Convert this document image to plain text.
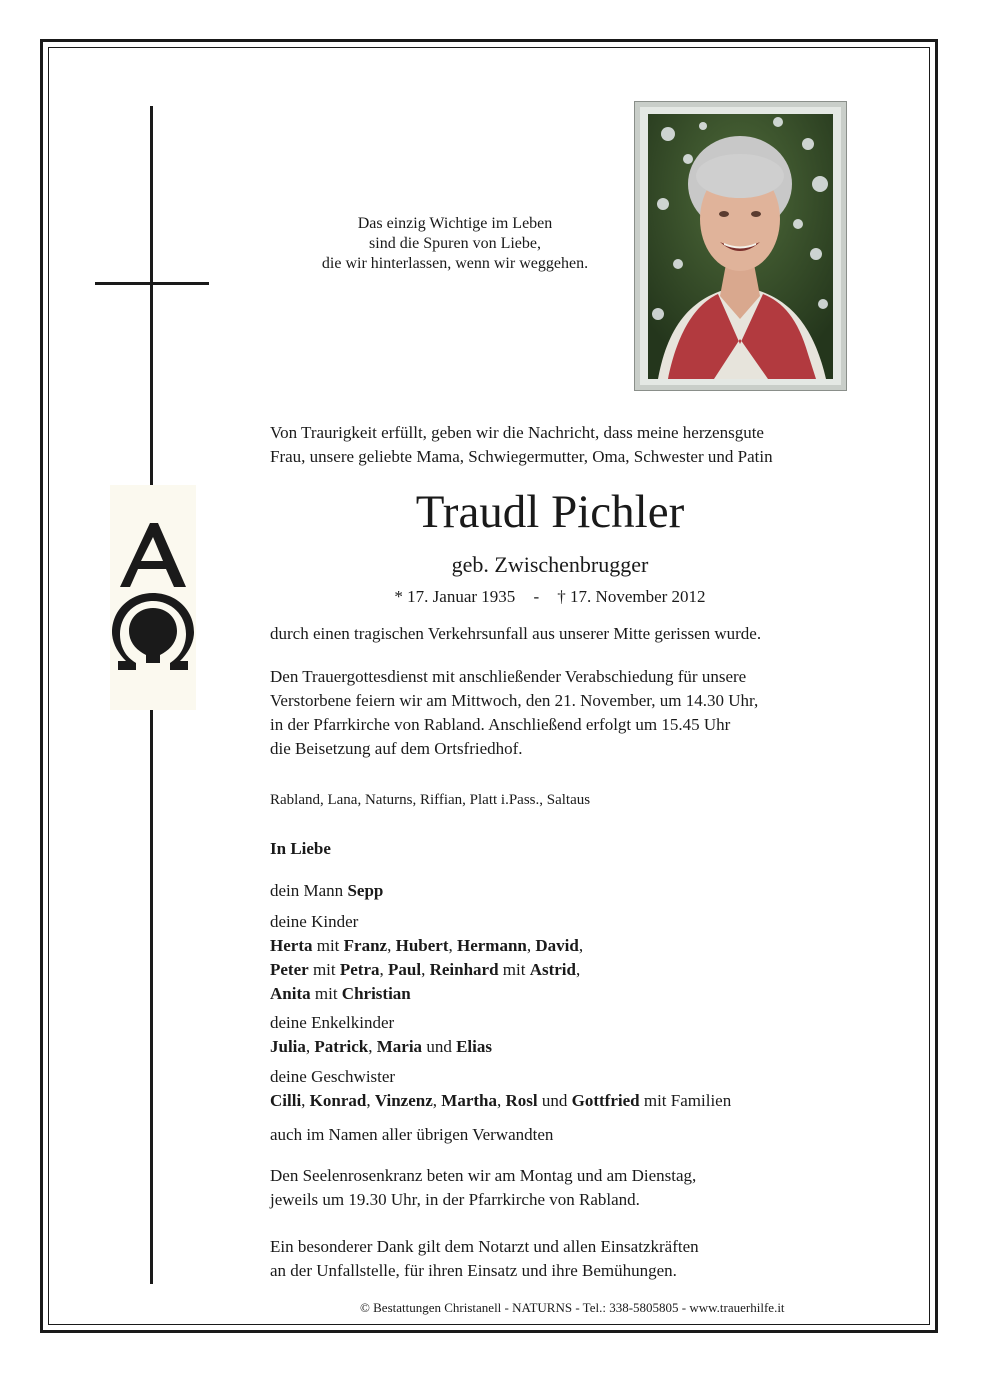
Das einzig Wichtige im Leben
sind die Spuren von Liebe,
die wir hinterlassen, wenn wir weggehen.
Von Traurigkeit erfüllt, geben wir die Nachricht, dass meine herzensgute
Frau, unsere geliebte Mama, Schwiegermutter, Oma, Schwester und Patin
Traudl Pichler
geb. Zwischenbrugger
* 17. Januar 1935 - † 17. November 2012
durch einen tragischen Verkehrsunfall aus unserer Mitte gerissen wurde.
Den Trauergottesdienst mit anschließender Verabschiedung für unsere
Verstorbene feiern wir am Mittwoch, den 21. November, um 14.30 Uhr,
in der Pfarrkirche von Rabland. Anschließend erfolgt um 15.45 Uhr
die Beisetzung auf dem Ortsfriedhof.
Rabland, Lana, Naturns, Riffian, Platt i.Pass., Saltaus
In Liebe
dein Mann Sepp
deine Kinder
Herta mit Franz, Hubert, Hermann, David,
Peter mit Petra, Paul, Reinhard mit Astrid,
Anita mit Christian
deine Enkelkinder
Julia, Patrick, Maria und Elias
deine Geschwister
Cilli, Konrad, Vinzenz, Martha, Rosl und Gottfried mit Familien
auch im Namen aller übrigen Verwandten
Den Seelenrosenkranz beten wir am Montag und am Dienstag,
jeweils um 19.30 Uhr, in der Pfarrkirche von Rabland.
Ein besonderer Dank gilt dem Notarzt und allen Einsatzkräften
an der Unfallstelle, für ihren Einsatz und ihre Bemühungen.
© Bestattungen Christanell - NATURNS - Tel.: 338-5805805 - www.trauerhilfe.it
